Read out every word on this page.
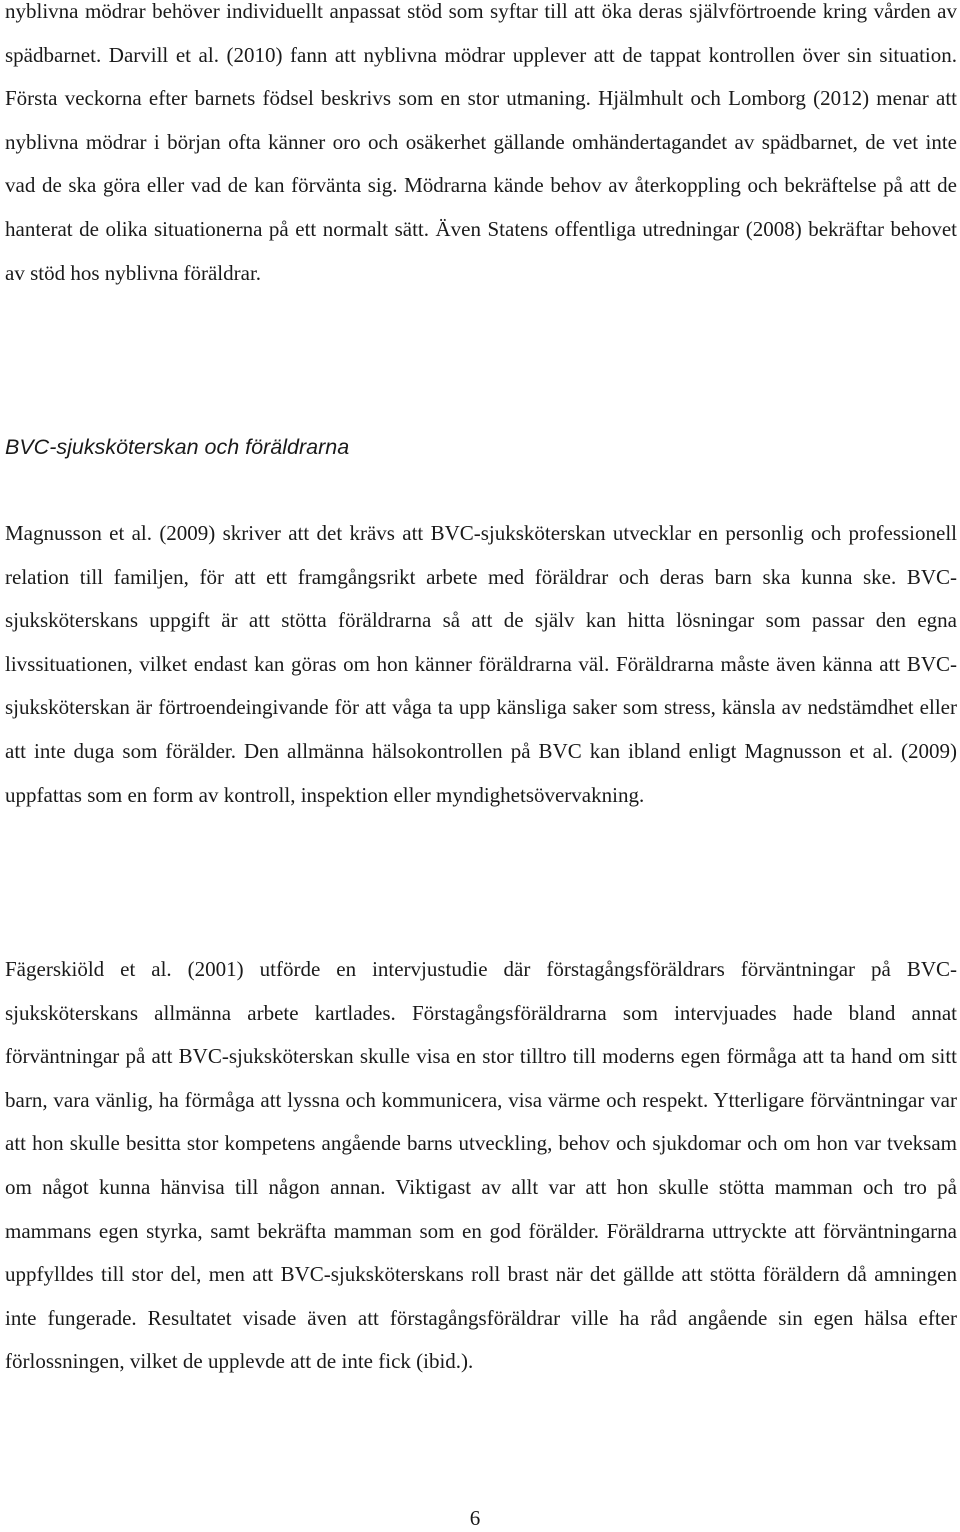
nyblivna mödrar behöver individuellt anpassat stöd som syftar till att öka deras självförtroende kring vården av spädbarnet. Darvill et al. (2010) fann att nyblivna mödrar upplever att de tappat kontrollen över sin situation. Första veckorna efter barnets födsel beskrivs som en stor utmaning. Hjälmhult och Lomborg (2012) menar att nyblivna mödrar i början ofta känner oro och osäkerhet gällande omhändertagandet av spädbarnet, de vet inte vad de ska göra eller vad de kan förvänta sig. Mödrarna kände behov av återkoppling och bekräftelse på att de hanterat de olika situationerna på ett normalt sätt. Även Statens offentliga utredningar (2008) bekräftar behovet av stöd hos nyblivna föräldrar.

BVC-sjuksköterskan och föräldrarna

Magnusson et al. (2009) skriver att det krävs att BVC-sjuksköterskan utvecklar en personlig och professionell relation till familjen, för att ett framgångsrikt arbete med föräldrar och deras barn ska kunna ske. BVC-sjuksköterskans uppgift är att stötta föräldrarna så att de själv kan hitta lösningar som passar den egna livssituationen, vilket endast kan göras om hon känner föräldrarna väl. Föräldrarna måste även känna att BVC-sjuksköterskan är förtroendeingivande för att våga ta upp känsliga saker som stress, känsla av nedstämdhet eller att inte duga som förälder. Den allmänna hälsokontrollen på BVC kan ibland enligt Magnusson et al. (2009) uppfattas som en form av kontroll, inspektion eller myndighetsövervakning.

Fägerskiöld et al. (2001) utförde en intervjustudie där förstagångsföräldrars förväntningar på BVC-sjuksköterskans allmänna arbete kartlades. Förstagångsföräldrarna som intervjuades hade bland annat förväntningar på att BVC-sjuksköterskan skulle visa en stor tilltro till moderns egen förmåga att ta hand om sitt barn, vara vänlig, ha förmåga att lyssna och kommunicera, visa värme och respekt. Ytterligare förväntningar var att hon skulle besitta stor kompetens angående barns utveckling, behov och sjukdomar och om hon var tveksam om något kunna hänvisa till någon annan. Viktigast av allt var att hon skulle stötta mamman och tro på mammans egen styrka, samt bekräfta mamman som en god förälder. Föräldrarna uttryckte att förväntningarna uppfylldes till stor del, men att BVC-sjuksköterskans roll brast när det gällde att stötta föräldern då amningen inte fungerade. Resultatet visade även att förstagångsföräldrar ville ha råd angående sin egen hälsa efter förlossningen, vilket de upplevde att de inte fick (ibid.).

6
